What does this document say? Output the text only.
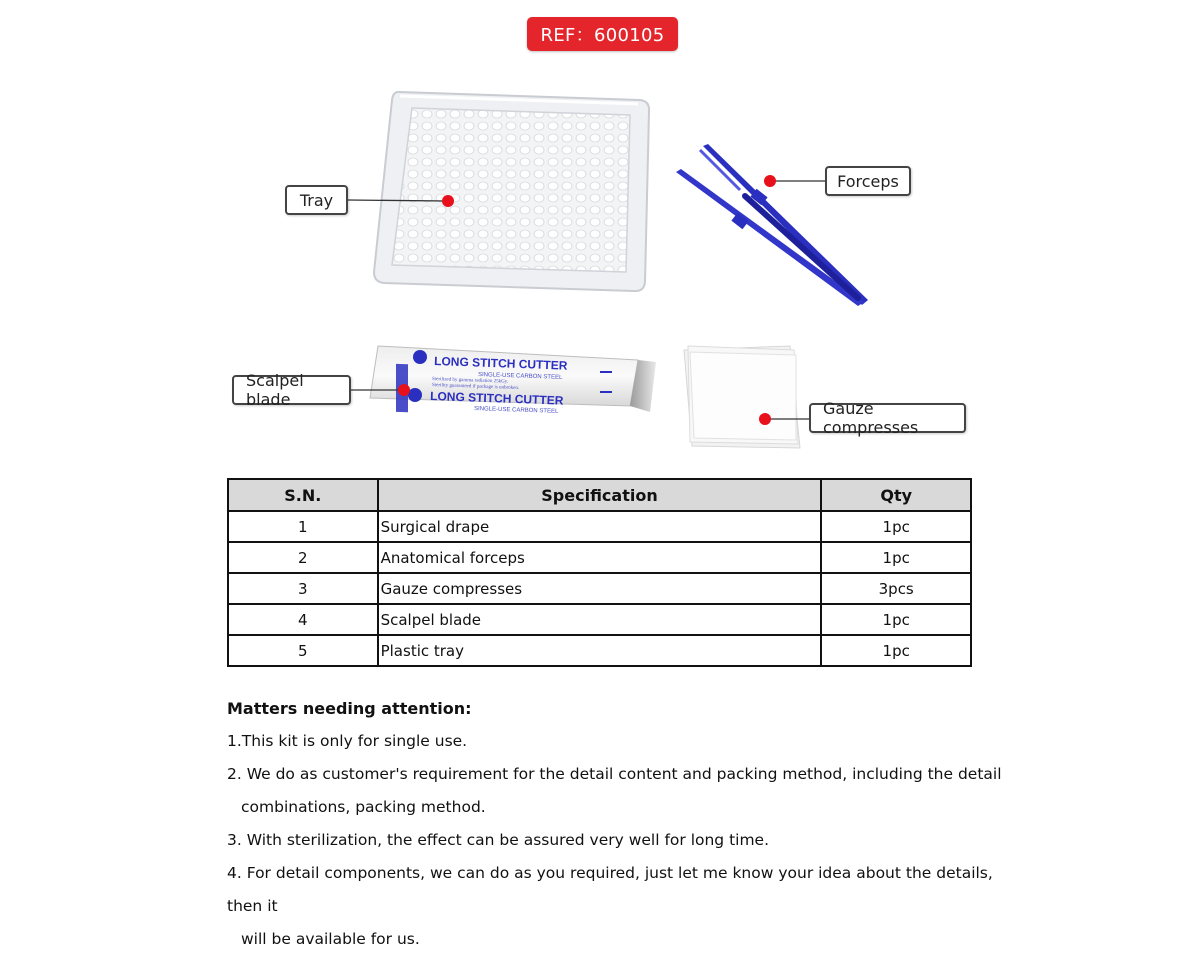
REF：600105
LONG STITCH CUTTER
SINGLE-USE CARBON STEEL
Sterilized by gamma radiation 25kGy.
Sterility guaranteed if package is unbroken.
LONG STITCH CUTTER
SINGLE-USE CARBON STEEL
Tray
Forceps
Scalpel blade	Gauze compresses
S.N.	Specification	Qty
1	Surgical drape	1pc
2	Anatomical forceps	1pc
3	Gauze compresses	3pcs
4	Scalpel blade	1pc
5	Plastic tray	1pc
Matters needing attention:
1.This kit is only for single use.
2. We do as customer's requirement for the detail content and packing method, including the detail
combinations, packing method.
3. With sterilization, the effect can be assured very well for long time.
4. For detail components, we can do as you required, just let me know your idea about the details, then it
will be available for us.
